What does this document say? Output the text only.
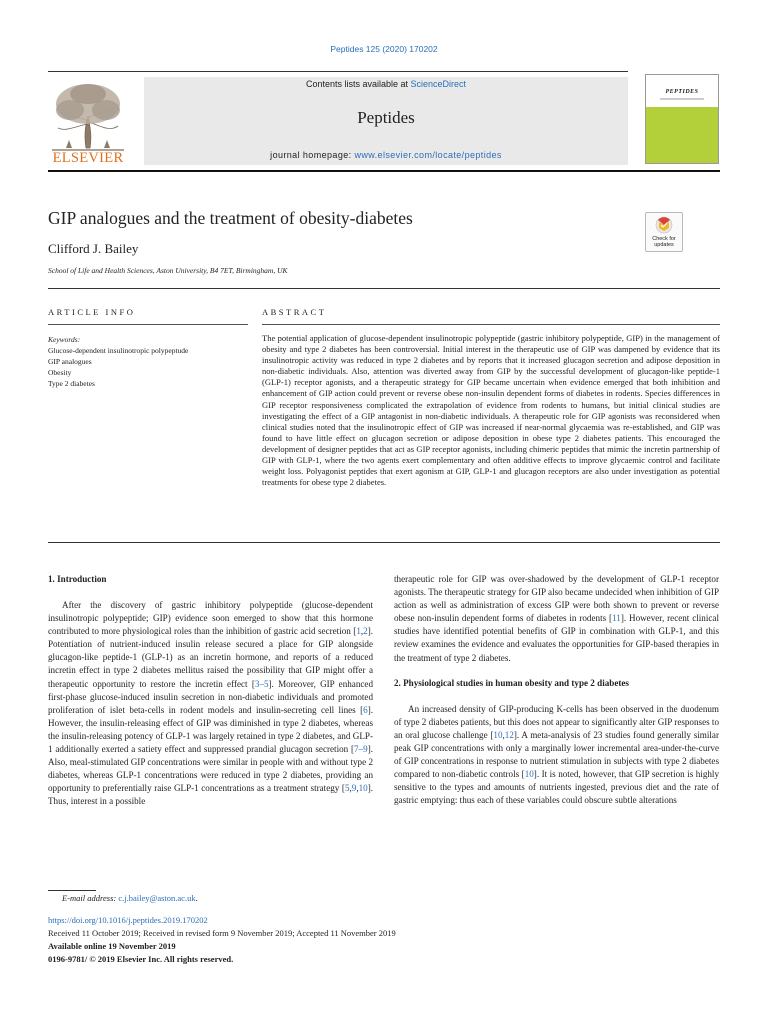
Peptides 125 (2020) 170202
ELSEVIER
Contents lists available at ScienceDirect
Peptides
journal homepage: www.elsevier.com/locate/peptides
PEPTIDES
GIP analogues and the treatment of obesity-diabetes
Clifford J. Bailey
School of Life and Health Sciences, Aston University, B4 7ET, Birmingham, UK
Check for updates
ARTICLE INFO	ABSTRACT
Keywords:
Glucose-dependent insulinotropic polypeptude
GIP analogues
Obesity
Type 2 diabetes

The potential application of glucose-dependent insulinotropic polypeptide (gastric inhibitory polypeptide, GIP) in the management of obesity and type 2 diabetes has been controversial. Initial interest in the therapeutic use of GIP was dampened by evidence that its insulinotropic activity was reduced in type 2 diabetes and by reports that it increased glucagon secretion and adipose deposition in non-diabetic individuals. Also, attention was diverted away from GIP by the successful development of glucagon-like peptide-1 (GLP-1) receptor agonists, and a therapeutic strategy for GIP became uncertain when evidence emerged that both inhibition and enhancement of GIP action could prevent or reverse obese non-insulin dependent forms of diabetes in rodents. Species differences in GIP receptor responsiveness complicated the extrapolation of evidence from rodents to humans, but initial clinical studies are investigating the effect of a GIP antagonist in non-diabetic individuals. A therapeutic role for GIP agonists was reconsidered when clinical studies noted that the insulinotropic effect of GIP was increased if near-normal glycaemia was re-established, and GIP was found to have little effect on glucagon secretion or adipose deposition in obese type 2 diabetes patients. This encouraged the development of designer peptides that act as GIP receptor agonists, including chimeric peptides that mimic the incretin partnership of GIP with GLP-1, where the two agents exert complementary and often additive effects to improve glycaemic control and facilitate weight loss. Polyagonist peptides that exert agonism at GIP, GLP-1 and glucagon receptors are also under investigation as potential treatments for obese type 2 diabetes.

1. Introduction

After the discovery of gastric inhibitory polypeptide (glucose-dependent insulinotropic polypeptide; GIP) evidence soon emerged to show that this hormone contributed to more physiological roles than the inhibition of gastric acid secretion [1,2]. Potentiation of nutrient-induced insulin release secured a place for GIP alongside glucagon-like peptide-1 (GLP-1) as an incretin hormone, and reports of a reduced incretin effect in type 2 diabetes mellitus raised the possibility that GIP might offer a therapeutic opportunity to restore the incretin effect [3–5]. Moreover, GIP enhanced first-phase glucose-induced insulin secretion in non-diabetic individuals and promoted proliferation of islet beta-cells in rodent models and insulin-secreting cell lines [6]. However, the insulin-releasing effect of GIP was diminished in type 2 diabetes, whereas the insulin-releasing potency of GLP-1 was largely retained in type 2 diabetes, and GLP-1 additionally exerted a satiety effect and suppressed prandial glucagon secretion [7–9]. Also, meal-stimulated GIP concentrations were similar in people with and without type 2 diabetes, whereas GLP-1 concentrations were reduced in type 2 diabetes, providing an opportunity to preferentially raise GLP-1 concentrations as a treatment strategy [5,9,10]. Thus, interest in a possible

therapeutic role for GIP was over-shadowed by the development of GLP-1 receptor agonists. The therapeutic strategy for GIP also became undecided when inhibition of GIP action as well as administration of excess GIP were both shown to prevent or reverse obese non-insulin dependent forms of diabetes in rodents [11]. However, recent clinical studies have identified potential benefits of GIP in combination with GLP-1, and this review examines the evidence and evaluates the opportunities for GIP-based therapies in the treatment of type 2 diabetes.

2. Physiological studies in human obesity and type 2 diabetes

An increased density of GIP-producing K-cells has been observed in the duodenum of type 2 diabetes patients, but this does not appear to significantly alter GIP responses to an oral glucose challenge [10,12]. A meta-analysis of 23 studies found generally similar peak GIP concentrations with only a marginally lower incremental area-under-the-curve of GIP concentrations in response to nutrient stimulation in subjects with type 2 diabetes compared to non-diabetic controls [10]. It is noted, however, that GIP secretion is highly sensitive to the types and amounts of nutrients ingested, previous diet and the rate of gastric emptying: thus each of these variables could obscure subtle alterations

E-mail address: c.j.bailey@aston.ac.uk.
https://doi.org/10.1016/j.peptides.2019.170202
Received 11 October 2019; Received in revised form 9 November 2019; Accepted 11 November 2019
Available online 19 November 2019
0196-9781/ © 2019 Elsevier Inc. All rights reserved.
